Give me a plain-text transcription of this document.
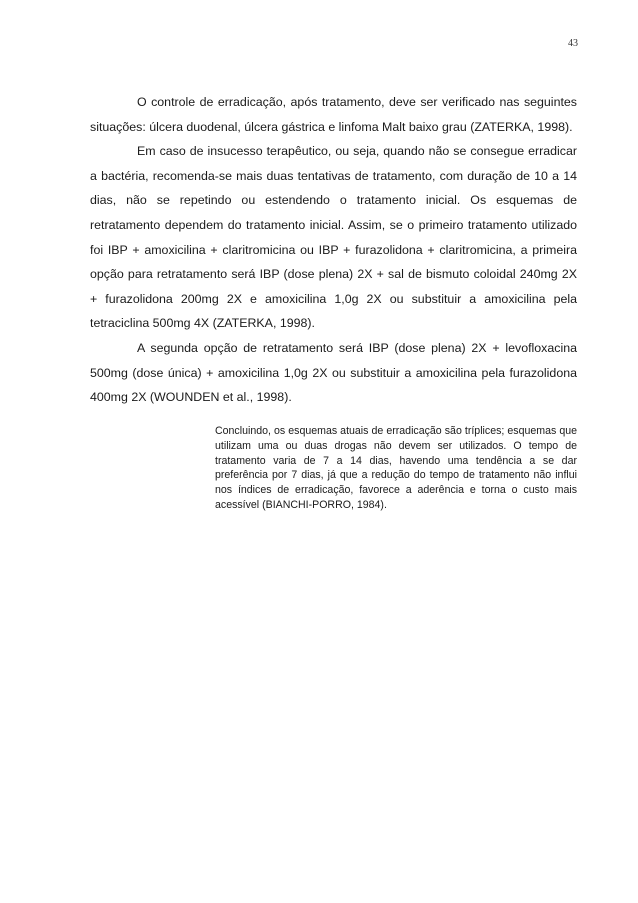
43

O controle de erradicação, após tratamento, deve ser verificado nas seguintes situações: úlcera duodenal, úlcera gástrica e linfoma Malt baixo grau (ZATERKA, 1998).

Em caso de insucesso terapêutico, ou seja, quando não se consegue erradicar a bactéria, recomenda-se mais duas tentativas de tratamento, com duração de 10 a 14 dias, não se repetindo ou estendendo o tratamento inicial. Os esquemas de retratamento dependem do tratamento inicial. Assim, se o primeiro tratamento utilizado foi IBP + amoxicilina + claritromicina ou IBP + furazolidona + claritromicina, a primeira opção para retratamento será IBP (dose plena) 2X + sal de bismuto coloidal 240mg 2X + furazolidona 200mg 2X e amoxicilina 1,0g 2X ou substituir a amoxicilina pela tetraciclina 500mg 4X (ZATERKA, 1998).

A segunda opção de retratamento será IBP (dose plena) 2X + levofloxacina 500mg (dose única) + amoxicilina 1,0g 2X ou substituir a amoxicilina pela furazolidona 400mg 2X (WOUNDEN et al., 1998).

Concluindo, os esquemas atuais de erradicação são tríplices; esquemas que utilizam uma ou duas drogas não devem ser utilizados. O tempo de tratamento varia de 7 a 14 dias, havendo uma tendência a se dar preferência por 7 dias, já que a redução do tempo de tratamento não influi nos índices de erradicação, favorece a aderência e torna o custo mais acessível (BIANCHI-PORRO, 1984).
